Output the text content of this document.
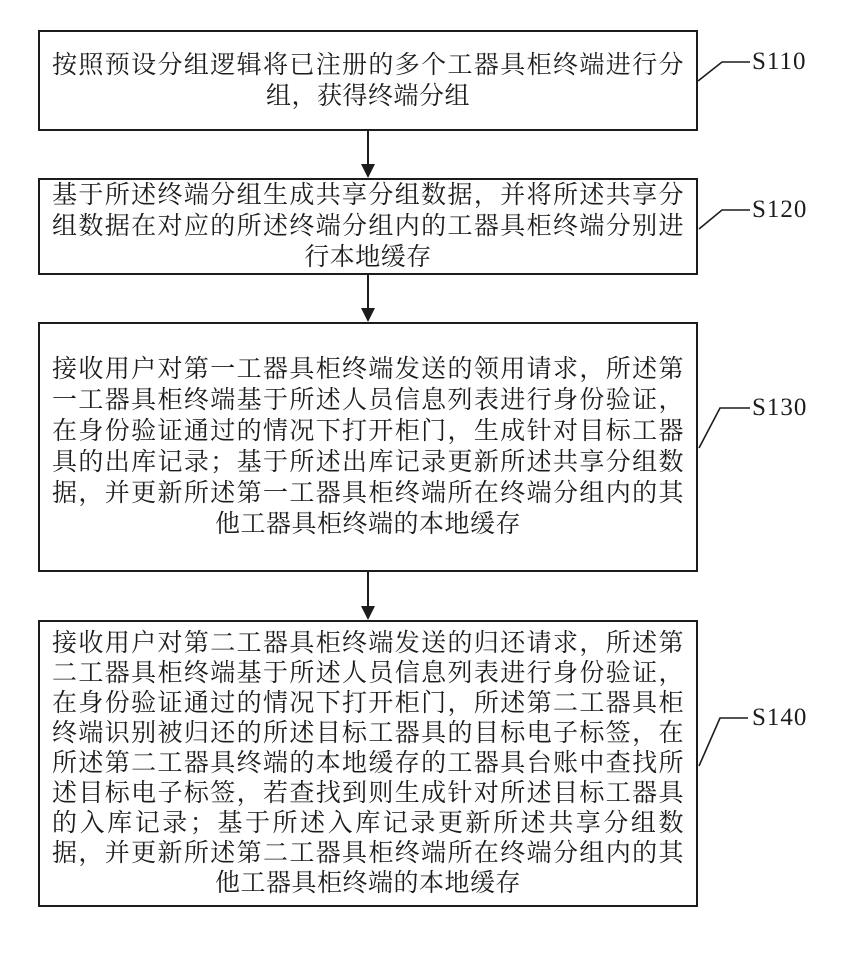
按照预设分组逻辑将已注册的多个工器具柜终端进行分组，获得终端分组

基于所述终端分组生成共享分组数据，并将所述共享分组数据在对应的所述终端分组内的工器具柜终端分别进行本地缓存

接收用户对第一工器具柜终端发送的领用请求，所述第一工器具柜终端基于所述人员信息列表进行身份验证，在身份验证通过的情况下打开柜门，生成针对目标工器具的出库记录；基于所述出库记录更新所述共享分组数据，并更新所述第一工器具柜终端所在终端分组内的其他工器具柜终端的本地缓存

接收用户对第二工器具柜终端发送的归还请求，所述第二工器具柜终端基于所述人员信息列表进行身份验证，在身份验证通过的情况下打开柜门，所述第二工器具柜终端识别被归还的所述目标工器具的目标电子标签，在所述第二工器具终端的本地缓存的工器具台账中查找所述目标电子标签，若查找到则生成针对所述目标工器具的入库记录；基于所述入库记录更新所述共享分组数据，并更新所述第二工器具柜终端所在终端分组内的其他工器具柜终端的本地缓存

S110
S120
S130
S140
